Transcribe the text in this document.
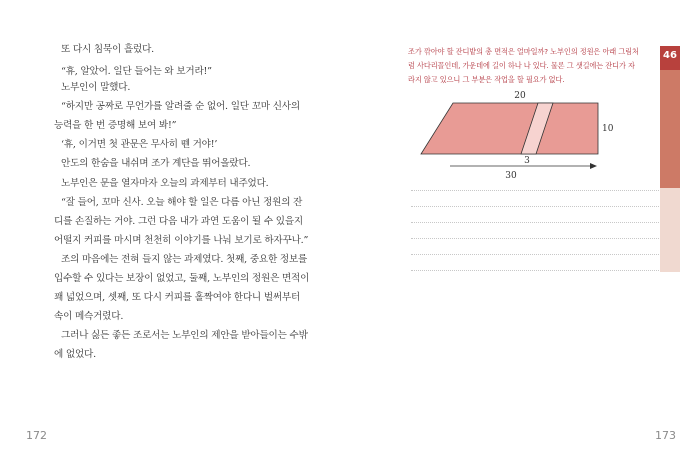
또 다시 침묵이 흘렀다.
“휴, 알았어. 일단 들어는 와 보거라!”
노부인이 말했다.
“하지만 공짜로 무언가를 알려줄 순 없어. 일단 꼬마 신사의
능력을 한 번 증명해 보여 봐!”
‘휴, 이거면 첫 관문은 무사히 뗀 거야!’
안도의 한숨을 내쉬며 조가 계단을 뛰어올랐다.
노부인은 문을 열자마자 오늘의 과제부터 내주었다.
“잘 들어, 꼬마 신사. 오늘 해야 할 일은 다름 아닌 정원의 잔
디를 손질하는 거야. 그런 다음 내가 과연 도움이 될 수 있을지
어떨지 커피를 마시며 천천히 이야기를 나눠 보기로 하자꾸나.”
조의 마음에는 전혀 들지 않는 과제였다. 첫째, 중요한 정보를
입수할 수 있다는 보장이 없었고, 둘째, 노부인의 정원은 면적이
꽤 넓었으며, 셋째, 또 다시 커피를 홀짝여야 한다니 벌써부터
속이 메슥거렸다.
그러나 싫든 좋든 조로서는 노부인의 제안을 받아들이는 수밖
에 없었다.
172
조가 깎아야 할 잔디밭의 총 면적은 얼마일까? 노부인의 정원은 아래 그림처
럼 사다리꼴인데, 가운데에 길이 하나 나 있다. 물론 그 샛길에는 잔디가 자
라지 않고 있으니 그 부분은 작업을 할 필요가 없다.
20
10
3
30
46
173
